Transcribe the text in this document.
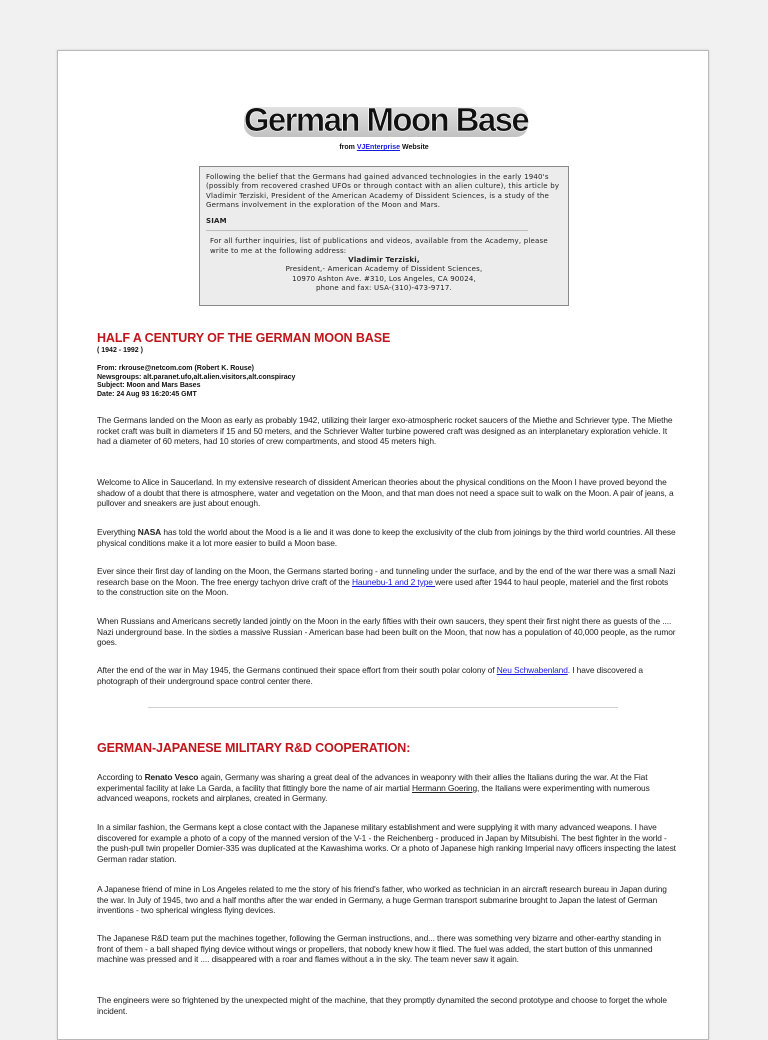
German Moon Base
from VJEnterprise Website

Following the belief that the Germans had gained advanced technologies in the early 1940's (possibly from recovered crashed UFOs or through contact with an alien culture), this article by Vladimir Terziski, President of the American Academy of Dissident Sciences, is a study of the Germans involvement in the exploration of the Moon and Mars.

SIAM

For all further inquiries, list of publications and videos, available from the Academy, please write to me at the following address:
Vladimir Terziski,
President,- American Academy of Dissident Sciences,
10970 Ashton Ave. #310, Los Angeles, CA 90024,
phone and fax: USA-(310)-473-9717.

HALF A CENTURY OF THE GERMAN MOON BASE
( 1942 - 1992 )
From: rkrouse@netcom.com (Robert K. Rouse)
Newsgroups: alt.paranet.ufo,alt.alien.visitors,alt.conspiracy
Subject: Moon and Mars Bases
Date: 24 Aug 93 16:20:45 GMT

The Germans landed on the Moon as early as probably 1942, utilizing their larger exo-atmospheric rocket saucers of the Miethe and Schriever type. The Miethe rocket craft was built in diameters if 15 and 50 meters, and the Schriever Walter turbine powered craft was designed as an interplanetary exploration vehicle. It had a diameter of 60 meters, had 10 stories of crew compartments, and stood 45 meters high.

Welcome to Alice in Saucerland. In my extensive research of dissident American theories about the physical conditions on the Moon I have proved beyond the shadow of a doubt that there is atmosphere, water and vegetation on the Moon, and that man does not need a space suit to walk on the Moon. A pair of jeans, a pullover and sneakers are just about enough.

Everything NASA has told the world about the Mood is a lie and it was done to keep the exclusivity of the club from joinings by the third world countries. All these physical conditions make it a lot more easier to build a Moon base.

Ever since their first day of landing on the Moon, the Germans started boring - and tunneling under the surface, and by the end of the war there was a small Nazi research base on the Moon. The free energy tachyon drive craft of the Haunebu-1 and 2 type were used after 1944 to haul people, materiel and the first robots to the construction site on the Moon.

When Russians and Americans secretly landed jointly on the Moon in the early fifties with their own saucers, they spent their first night there as guests of the .... Nazi underground base. In the sixties a massive Russian - American base had been built on the Moon, that now has a population of 40,000 people, as the rumor goes.

After the end of the war in May 1945, the Germans continued their space effort from their south polar colony of Neu Schwabenland. I have discovered a photograph of their underground space control center there.

GERMAN-JAPANESE MILITARY R&D COOPERATION:

According to Renato Vesco again, Germany was sharing a great deal of the advances in weaponry with their allies the Italians during the war. At the Fiat experimental facility at lake La Garda, a facility that fittingly bore the name of air martial Hermann Goering, the Italians were experimenting with numerous advanced weapons, rockets and airplanes, created in Germany.

In a similar fashion, the Germans kept a close contact with the Japanese military establishment and were supplying it with many advanced weapons. I have discovered for example a photo of a copy of the manned version of the V-1 - the Reichenberg - produced in Japan by Mitsubishi. The best fighter in the world - the push-pull twin propeller Domier-335 was duplicated at the Kawashima works. Or a photo of Japanese high ranking Imperial navy officers inspecting the latest German radar station.

A Japanese friend of mine in Los Angeles related to me the story of his friend's father, who worked as technician in an aircraft research bureau in Japan during the war. In July of 1945, two and a half months after the war ended in Germany, a huge German transport submarine brought to Japan the latest of German inventions - two spherical wingless flying devices.

The Japanese R&D team put the machines together, following the German instructions, and... there was something very bizarre and other-earthy standing in front of them - a ball shaped flying device without wings or propellers, that nobody knew how it flied. The fuel was added, the start button of this unmanned machine was pressed and it .... disappeared with a roar and flames without a in the sky. The team never saw it again.

The engineers were so frightened by the unexpected might of the machine, that they promptly dynamited the second prototype and choose to forget the whole incident.
